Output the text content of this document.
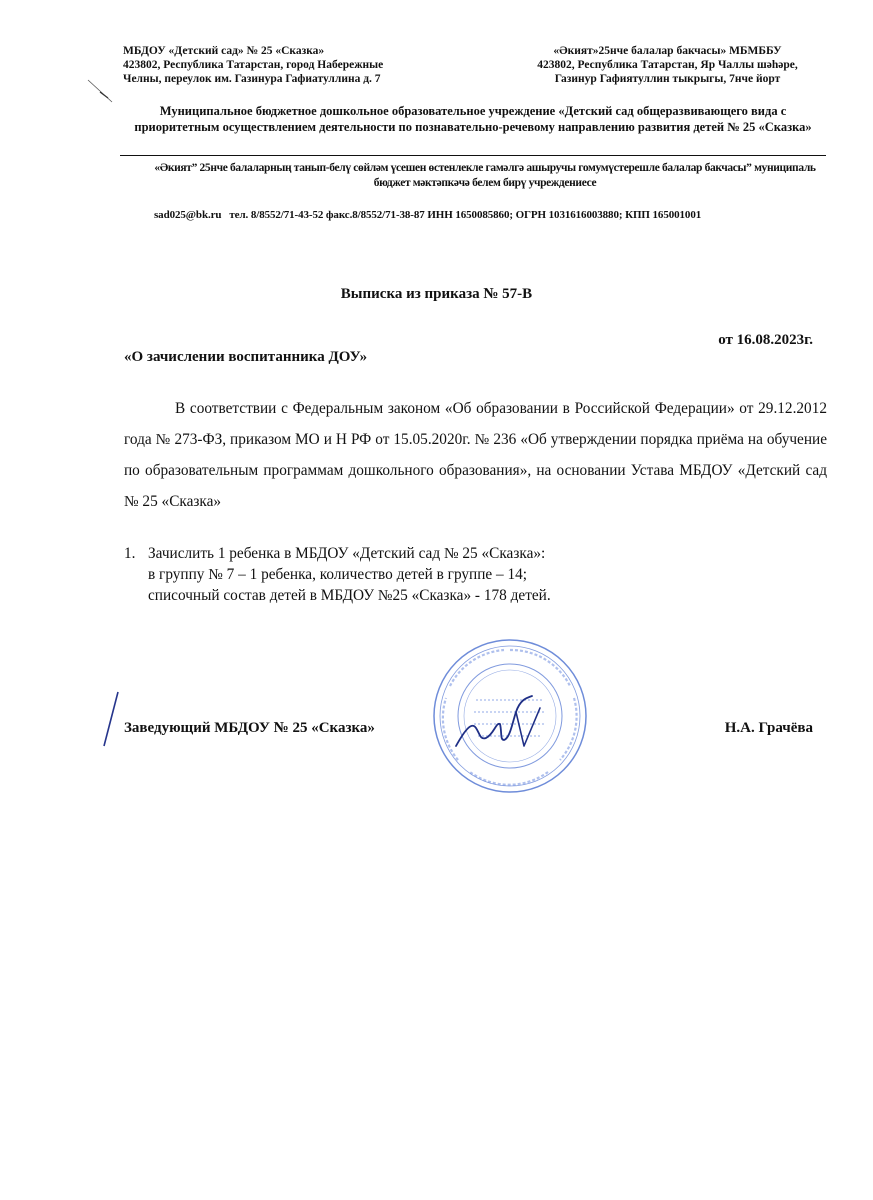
МБДОУ «Детский сад» № 25 «Сказка»
423802, Республика Татарстан, город Набережные
Челны, переулок им. Газинура Гафиатуллина д. 7
«Әкият»25нче балалар бакчасы» МБМББУ
423802, Республика Татарстан, Яр Чаллы шәһәре,
Газинур Гафиятуллин тыкрыгы, 7нче йорт
Муниципальное бюджетное дошкольное образовательное учреждение «Детский сад общеразвивающего вида с приоритетным осуществлением деятельности по познавательно-речевому направлению развития детей № 25 «Сказка»
«Әкият” 25нче балаларның танып-белү сөйләм үсешен өстенлекле гамәлгә ашыручы гомумүстерешле балалар бакчасы” муниципаль бюджет мәктәпкәчә белем бирү учреждениесе
sad025@bk.ru тел. 8/8552/71-43-52 факс.8/8552/71-38-87 ИНН 1650085860; ОГРН 1031616003880; КПП 165001001
Выписка из приказа № 57-В
от 16.08.2023г.
«О зачислении воспитанника ДОУ»
В соответствии с Федеральным законом «Об образовании в Российской Федерации» от 29.12.2012 года № 273-ФЗ, приказом МО и Н РФ от 15.05.2020г. № 236 «Об утверждении порядка приёма на обучение по образовательным программам дошкольного образования», на основании Устава МБДОУ «Детский сад № 25 «Сказка»
1. Зачислить 1 ребенка в МБДОУ «Детский сад № 25 «Сказка»:
в группу № 7 – 1 ребенка, количество детей в группе – 14;
списочный состав детей в МБДОУ №25 «Сказка» - 178 детей.
Заведующий МБДОУ № 25 «Сказка»	Н.А. Грачёва
